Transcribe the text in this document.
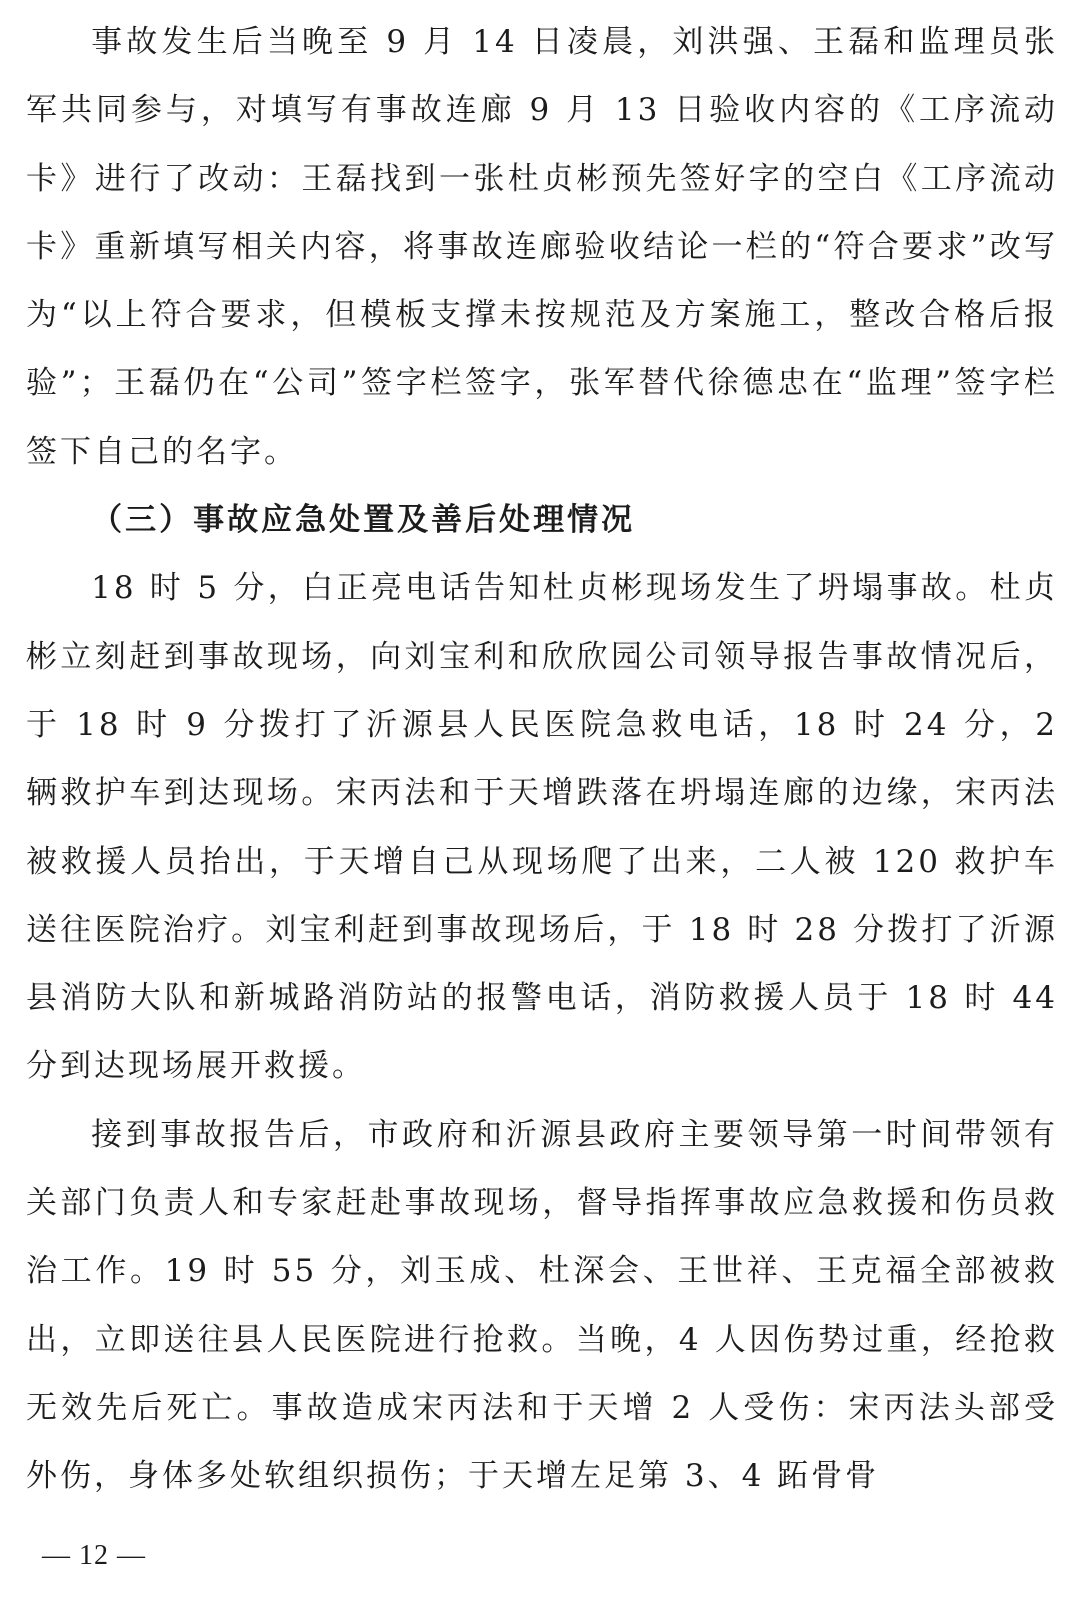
事故发生后当晚至 9 月 14 日凌晨，刘洪强、王磊和监理员张军共同参与，对填写有事故连廊 9 月 13 日验收内容的《工序流动卡》进行了改动：王磊找到一张杜贞彬预先签好字的空白《工序流动卡》重新填写相关内容，将事故连廊验收结论一栏的“符合要求”改写为“以上符合要求，但模板支撑未按规范及方案施工，整改合格后报验”；王磊仍在“公司”签字栏签字，张军替代徐德忠在“监理”签字栏签下自己的名字。

（三）事故应急处置及善后处理情况

18 时 5 分，白正亮电话告知杜贞彬现场发生了坍塌事故。杜贞彬立刻赶到事故现场，向刘宝利和欣欣园公司领导报告事故情况后，于 18 时 9 分拨打了沂源县人民医院急救电话，18 时 24 分，2 辆救护车到达现场。宋丙法和于天增跌落在坍塌连廊的边缘，宋丙法被救援人员抬出，于天增自己从现场爬了出来，二人被 120 救护车送往医院治疗。刘宝利赶到事故现场后，于 18 时 28 分拨打了沂源县消防大队和新城路消防站的报警电话，消防救援人员于 18 时 44 分到达现场展开救援。

接到事故报告后，市政府和沂源县政府主要领导第一时间带领有关部门负责人和专家赶赴事故现场，督导指挥事故应急救援和伤员救治工作。19 时 55 分，刘玉成、杜深会、王世祥、王克福全部被救出，立即送往县人民医院进行抢救。当晚，4 人因伤势过重，经抢救无效先后死亡。事故造成宋丙法和于天增 2 人受伤：宋丙法头部受外伤，身体多处软组织损伤；于天增左足第 3、4 跖骨骨

— 12 —
